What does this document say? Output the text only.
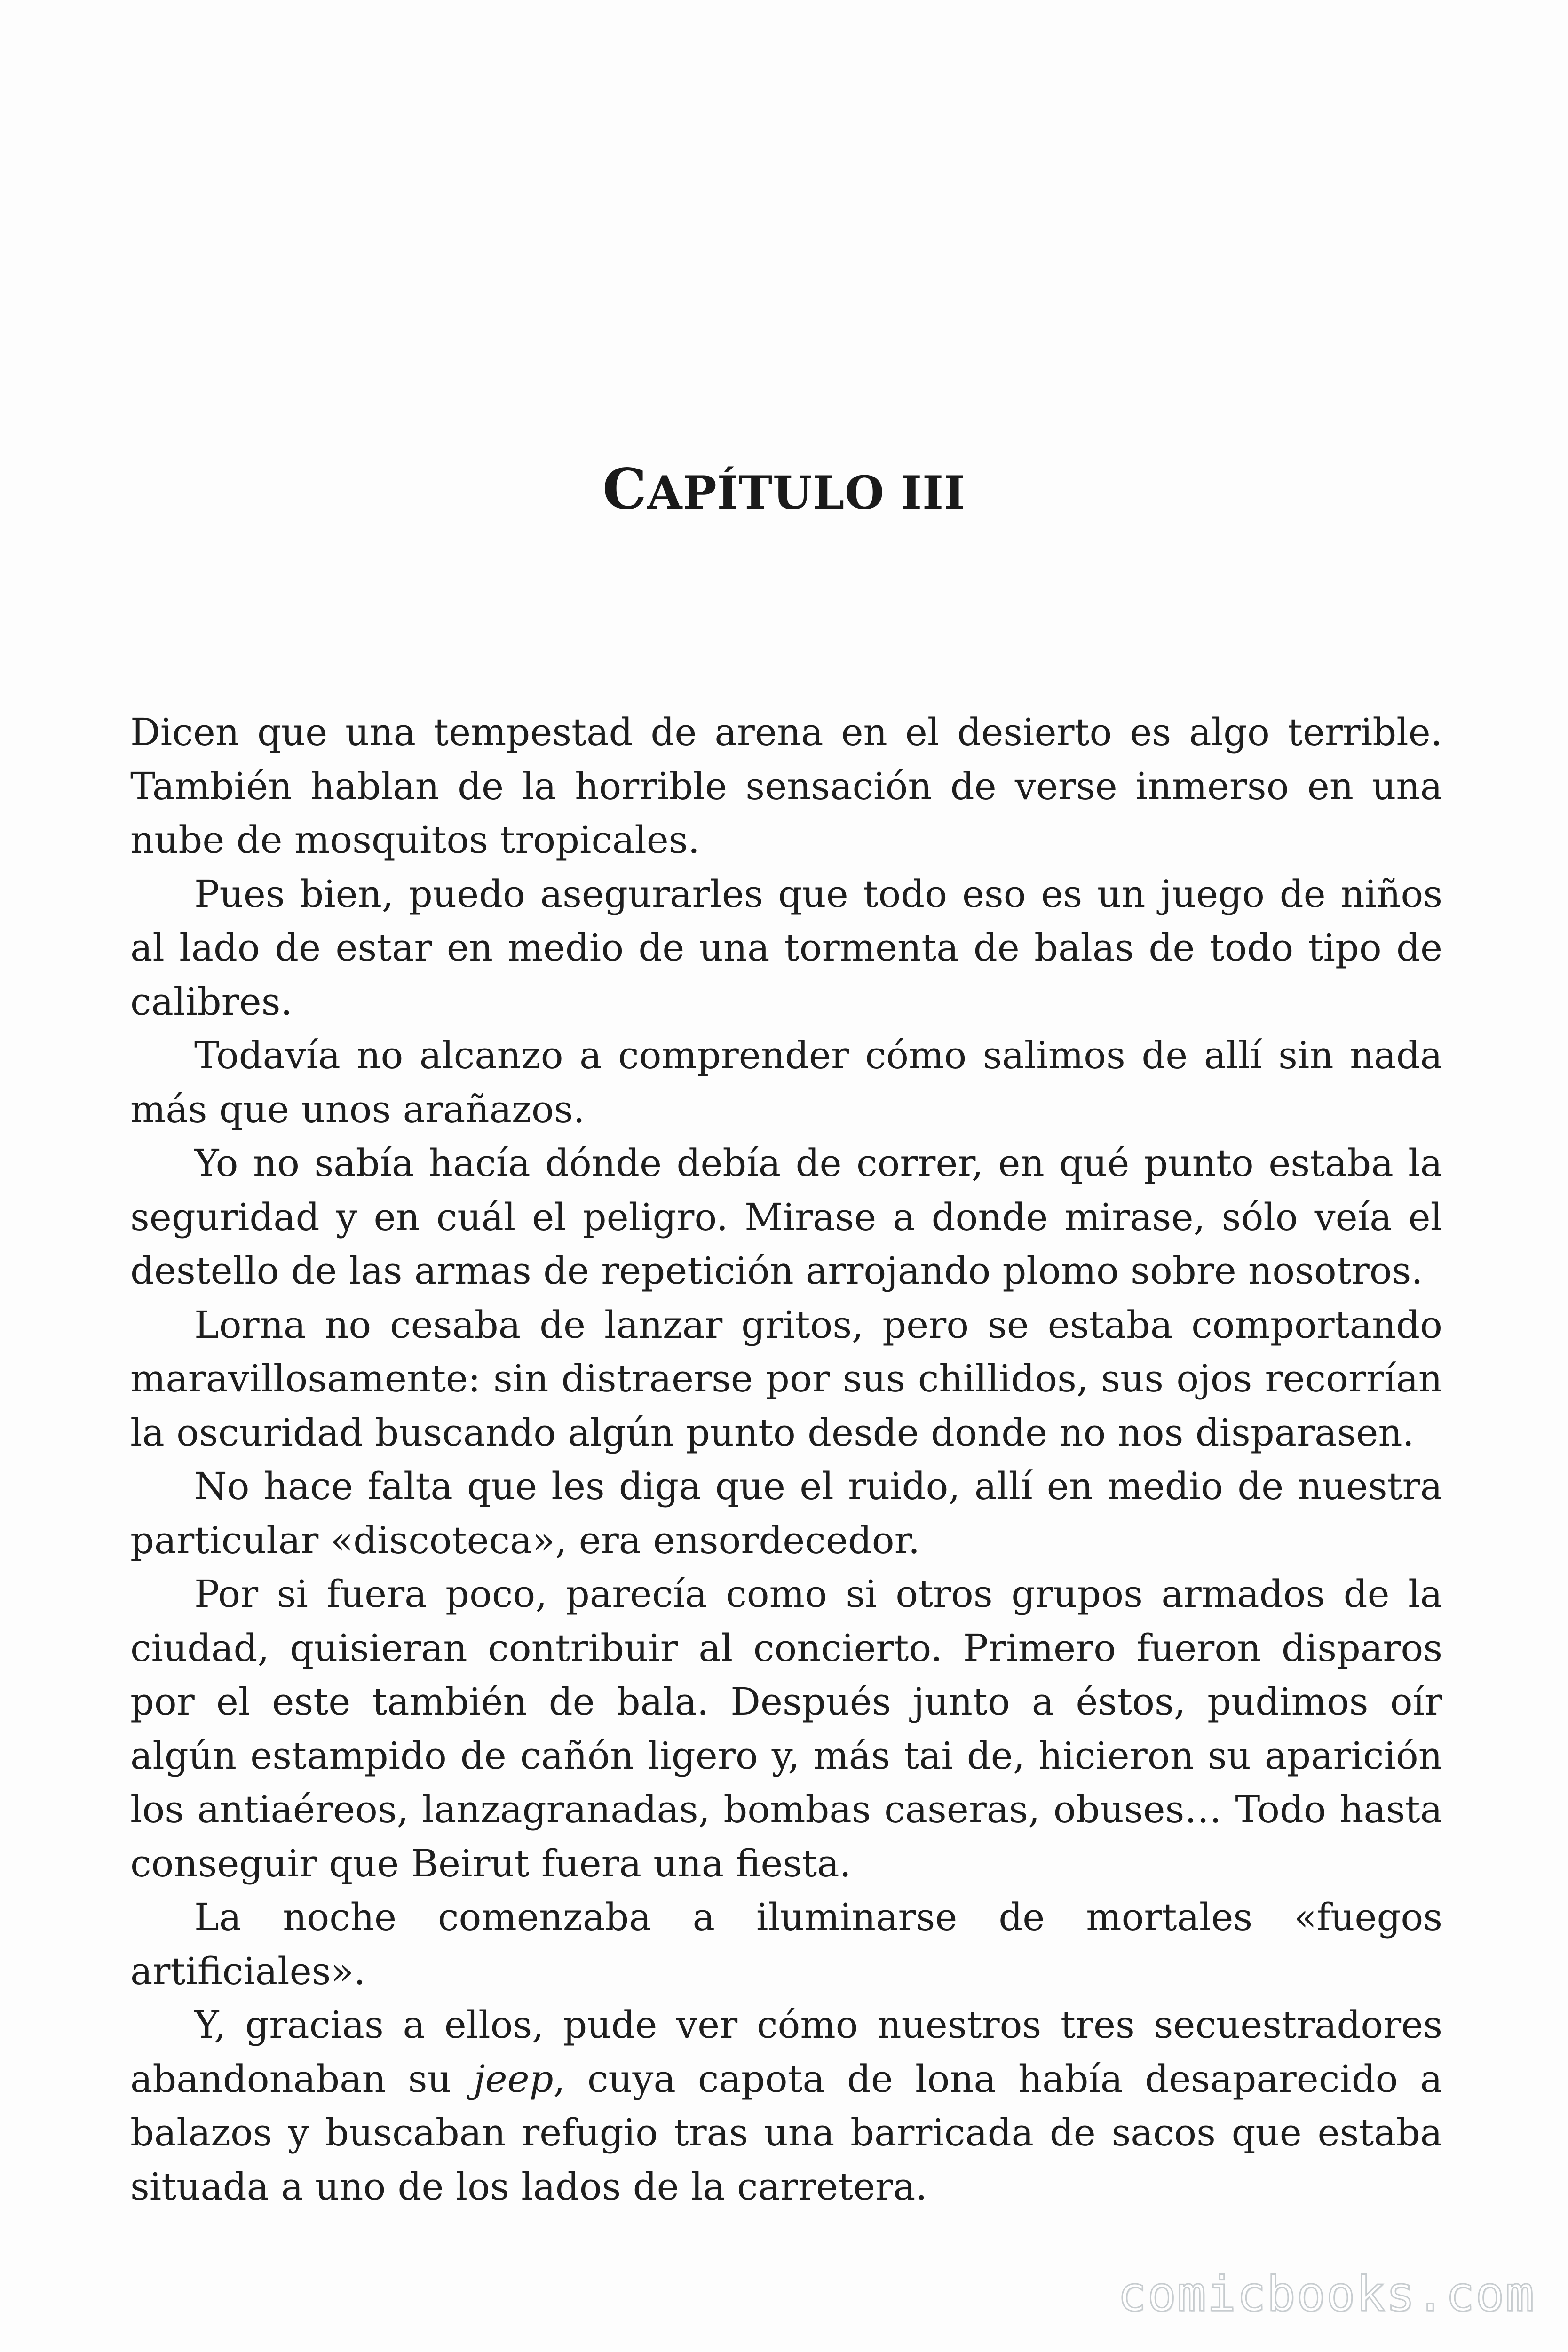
CAPÍTULO III

Dicen que una tempestad de arena en el desierto es algo terrible. También hablan de la horrible sensación de verse inmerso en una nube de mosquitos tropicales.

Pues bien, puedo asegurarles que todo eso es un juego de niños al lado de estar en medio de una tormenta de balas de todo tipo de calibres.

Todavía no alcanzo a comprender cómo salimos de allí sin nada más que unos arañazos.

Yo no sabía hacía dónde debía de correr, en qué punto estaba la seguridad y en cuál el peligro. Mirase a donde mirase, sólo veía el destello de las armas de repetición arrojando plomo sobre nosotros.

Lorna no cesaba de lanzar gritos, pero se estaba comportando maravillosamente: sin distraerse por sus chillidos, sus ojos recorrían la oscuridad buscando algún punto desde donde no nos disparasen.

No hace falta que les diga que el ruido, allí en medio de nuestra particular «discoteca», era ensordecedor.

Por si fuera poco, parecía como si otros grupos armados de la ciudad, quisieran contribuir al concierto. Primero fueron disparos por el este también de bala. Después junto a éstos, pudimos oír algún estampido de cañón ligero y, más tai de, hicieron su aparición los antiaéreos, lanzagranadas, bombas caseras, obuses… Todo hasta conseguir que Beirut fuera una fiesta.

La noche comenzaba a iluminarse de mortales «fuegos artificiales».

Y, gracias a ellos, pude ver cómo nuestros tres secuestradores abandonaban su jeep, cuya capota de lona había desaparecido a balazos y buscaban refugio tras una barricada de sacos que estaba situada a uno de los lados de la carretera.

comicbooks.com
